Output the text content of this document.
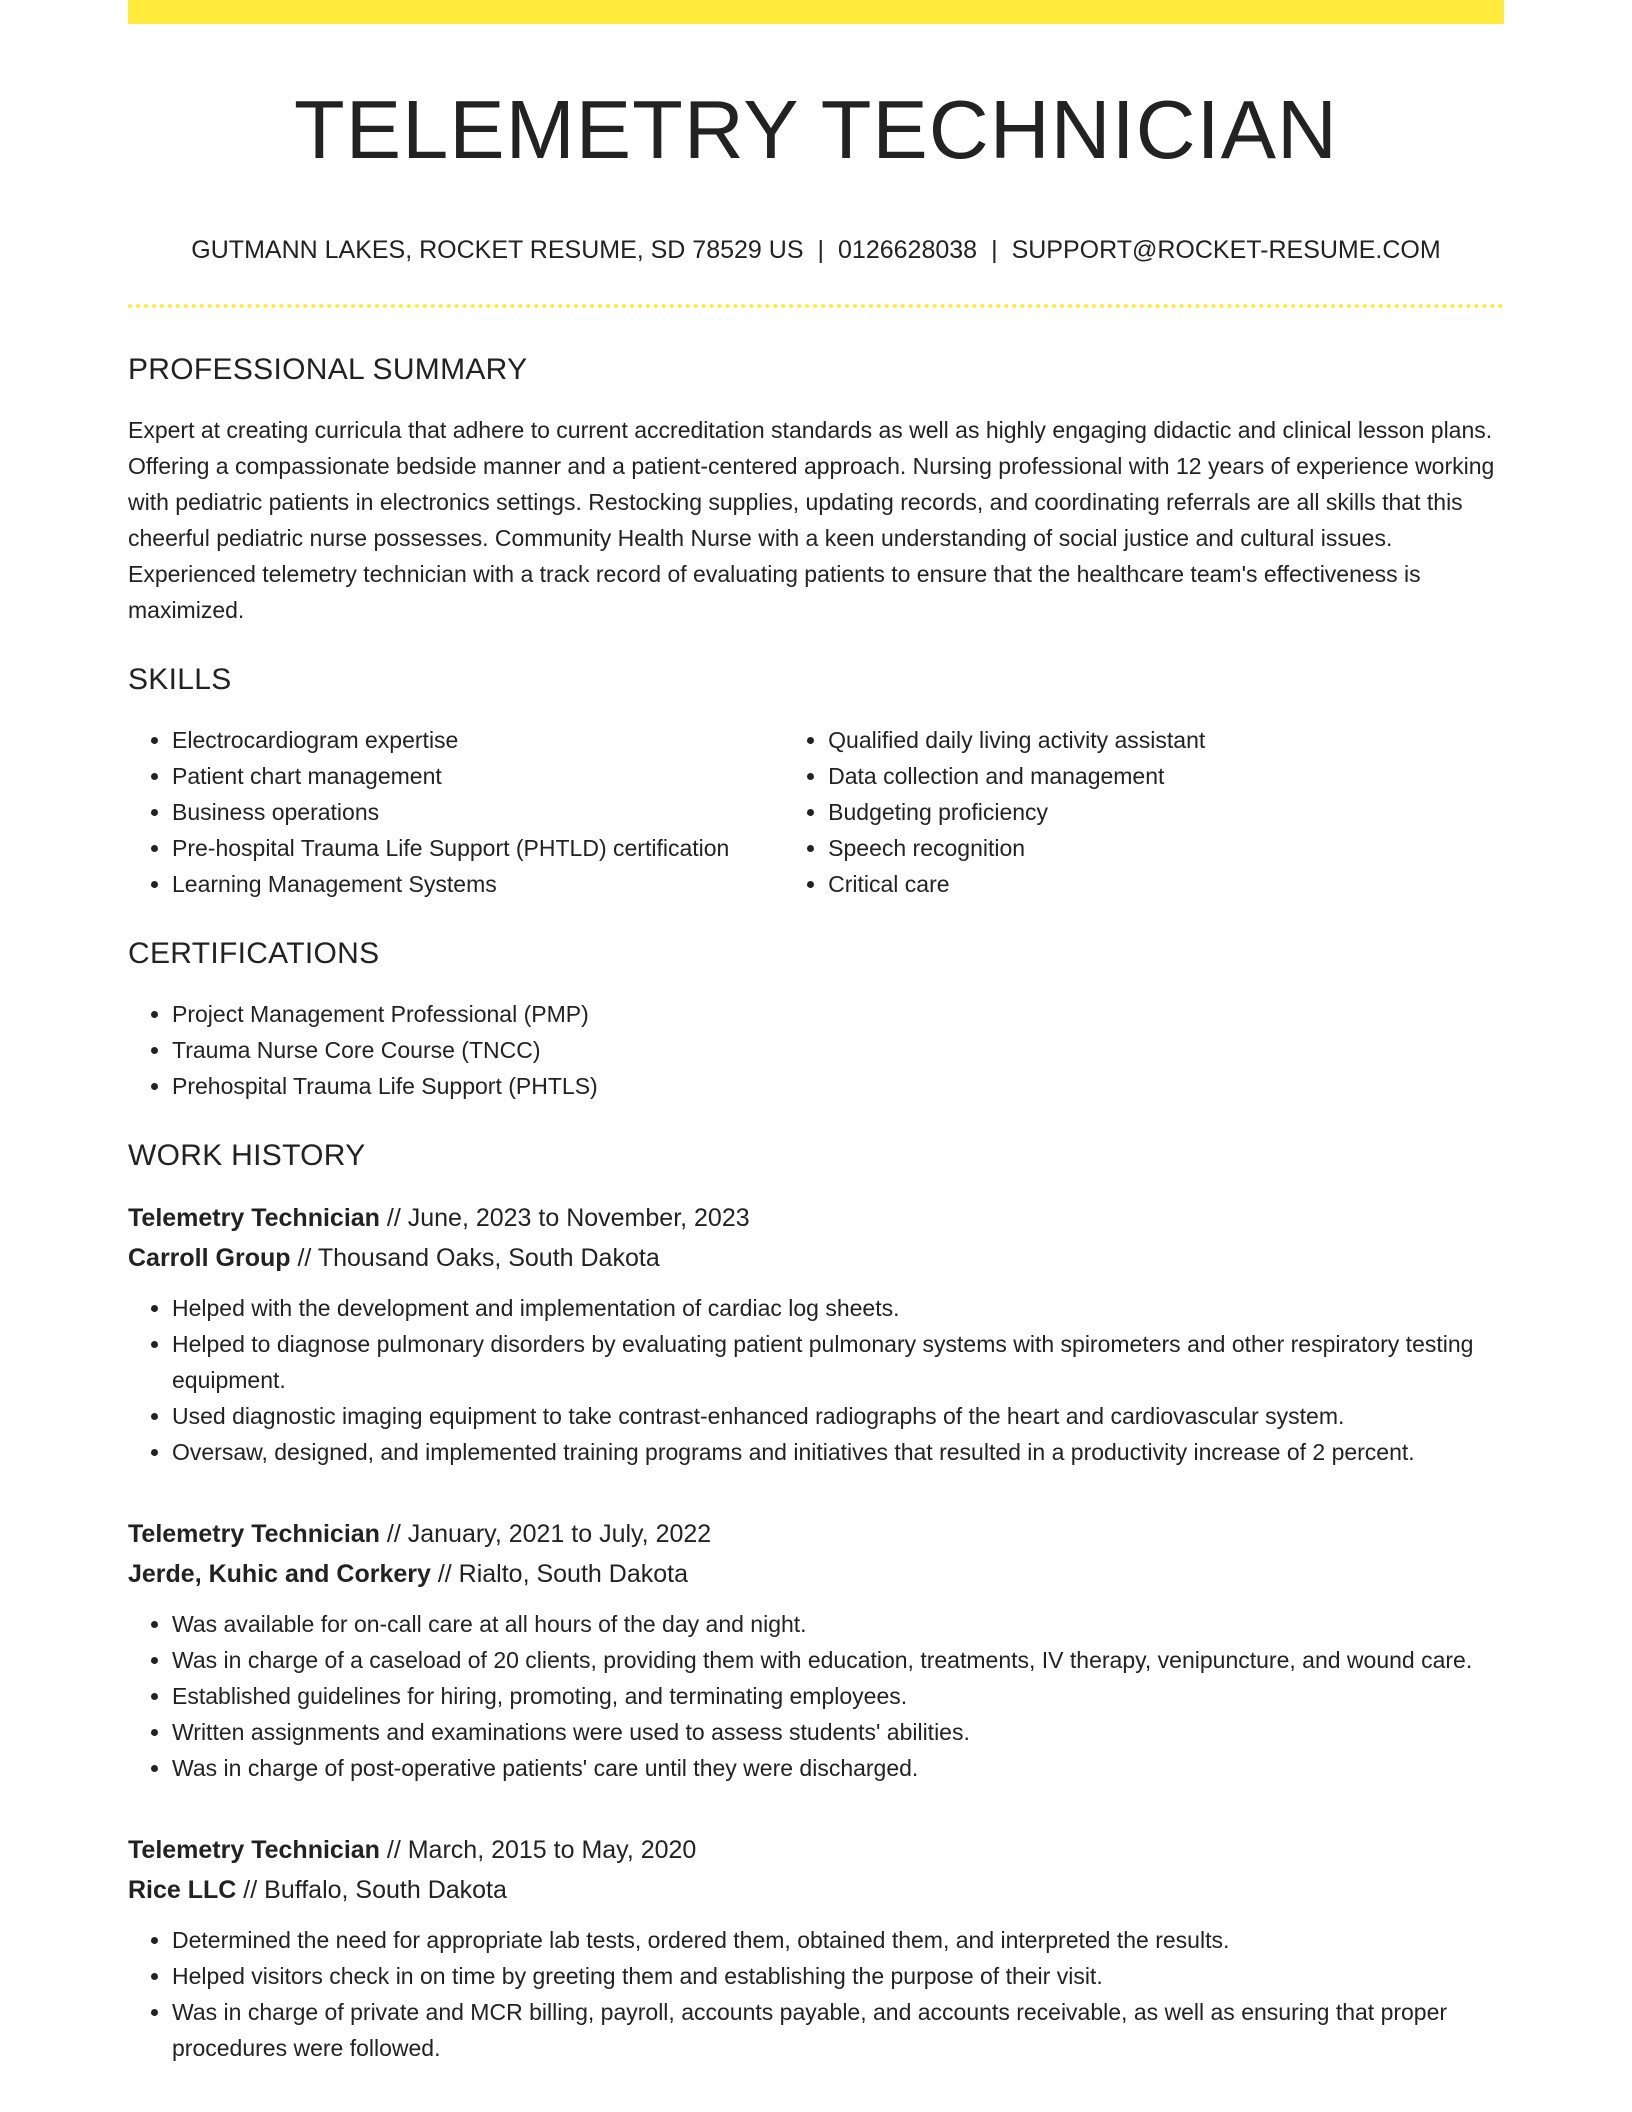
TELEMETRY TECHNICIAN
GUTMANN LAKES, ROCKET RESUME, SD 78529 US | 0126628038 | SUPPORT@ROCKET-RESUME.COM
PROFESSIONAL SUMMARY

Expert at creating curricula that adhere to current accreditation standards as well as highly engaging didactic and clinical lesson plans. Offering a compassionate bedside manner and a patient-centered approach. Nursing professional with 12 years of experience working with pediatric patients in electronics settings. Restocking supplies, updating records, and coordinating referrals are all skills that this cheerful pediatric nurse possesses. Community Health Nurse with a keen understanding of social justice and cultural issues. Experienced telemetry technician with a track record of evaluating patients to ensure that the healthcare team's effectiveness is maximized.

SKILLS
• Electrocardiogram expertise
• Patient chart management
• Business operations
• Pre-hospital Trauma Life Support (PHTLD) certification
• Learning Management Systems
• Qualified daily living activity assistant
• Data collection and management
• Budgeting proficiency
• Speech recognition
• Critical care
CERTIFICATIONS
• Project Management Professional (PMP)
• Trauma Nurse Core Course (TNCC)
• Prehospital Trauma Life Support (PHTLS)
WORK HISTORY
Telemetry Technician // June, 2023 to November, 2023
Carroll Group // Thousand Oaks, South Dakota
• Helped with the development and implementation of cardiac log sheets.
• Helped to diagnose pulmonary disorders by evaluating patient pulmonary systems with spirometers and other respiratory testing equipment.
• Used diagnostic imaging equipment to take contrast-enhanced radiographs of the heart and cardiovascular system.
• Oversaw, designed, and implemented training programs and initiatives that resulted in a productivity increase of 2 percent.
Telemetry Technician // January, 2021 to July, 2022
Jerde, Kuhic and Corkery // Rialto, South Dakota
• Was available for on-call care at all hours of the day and night.
• Was in charge of a caseload of 20 clients, providing them with education, treatments, IV therapy, venipuncture, and wound care.
• Established guidelines for hiring, promoting, and terminating employees.
• Written assignments and examinations were used to assess students' abilities.
• Was in charge of post-operative patients' care until they were discharged.
Telemetry Technician // March, 2015 to May, 2020
Rice LLC // Buffalo, South Dakota
• Determined the need for appropriate lab tests, ordered them, obtained them, and interpreted the results.
• Helped visitors check in on time by greeting them and establishing the purpose of their visit.
• Was in charge of private and MCR billing, payroll, accounts payable, and accounts receivable, as well as ensuring that proper procedures were followed.
